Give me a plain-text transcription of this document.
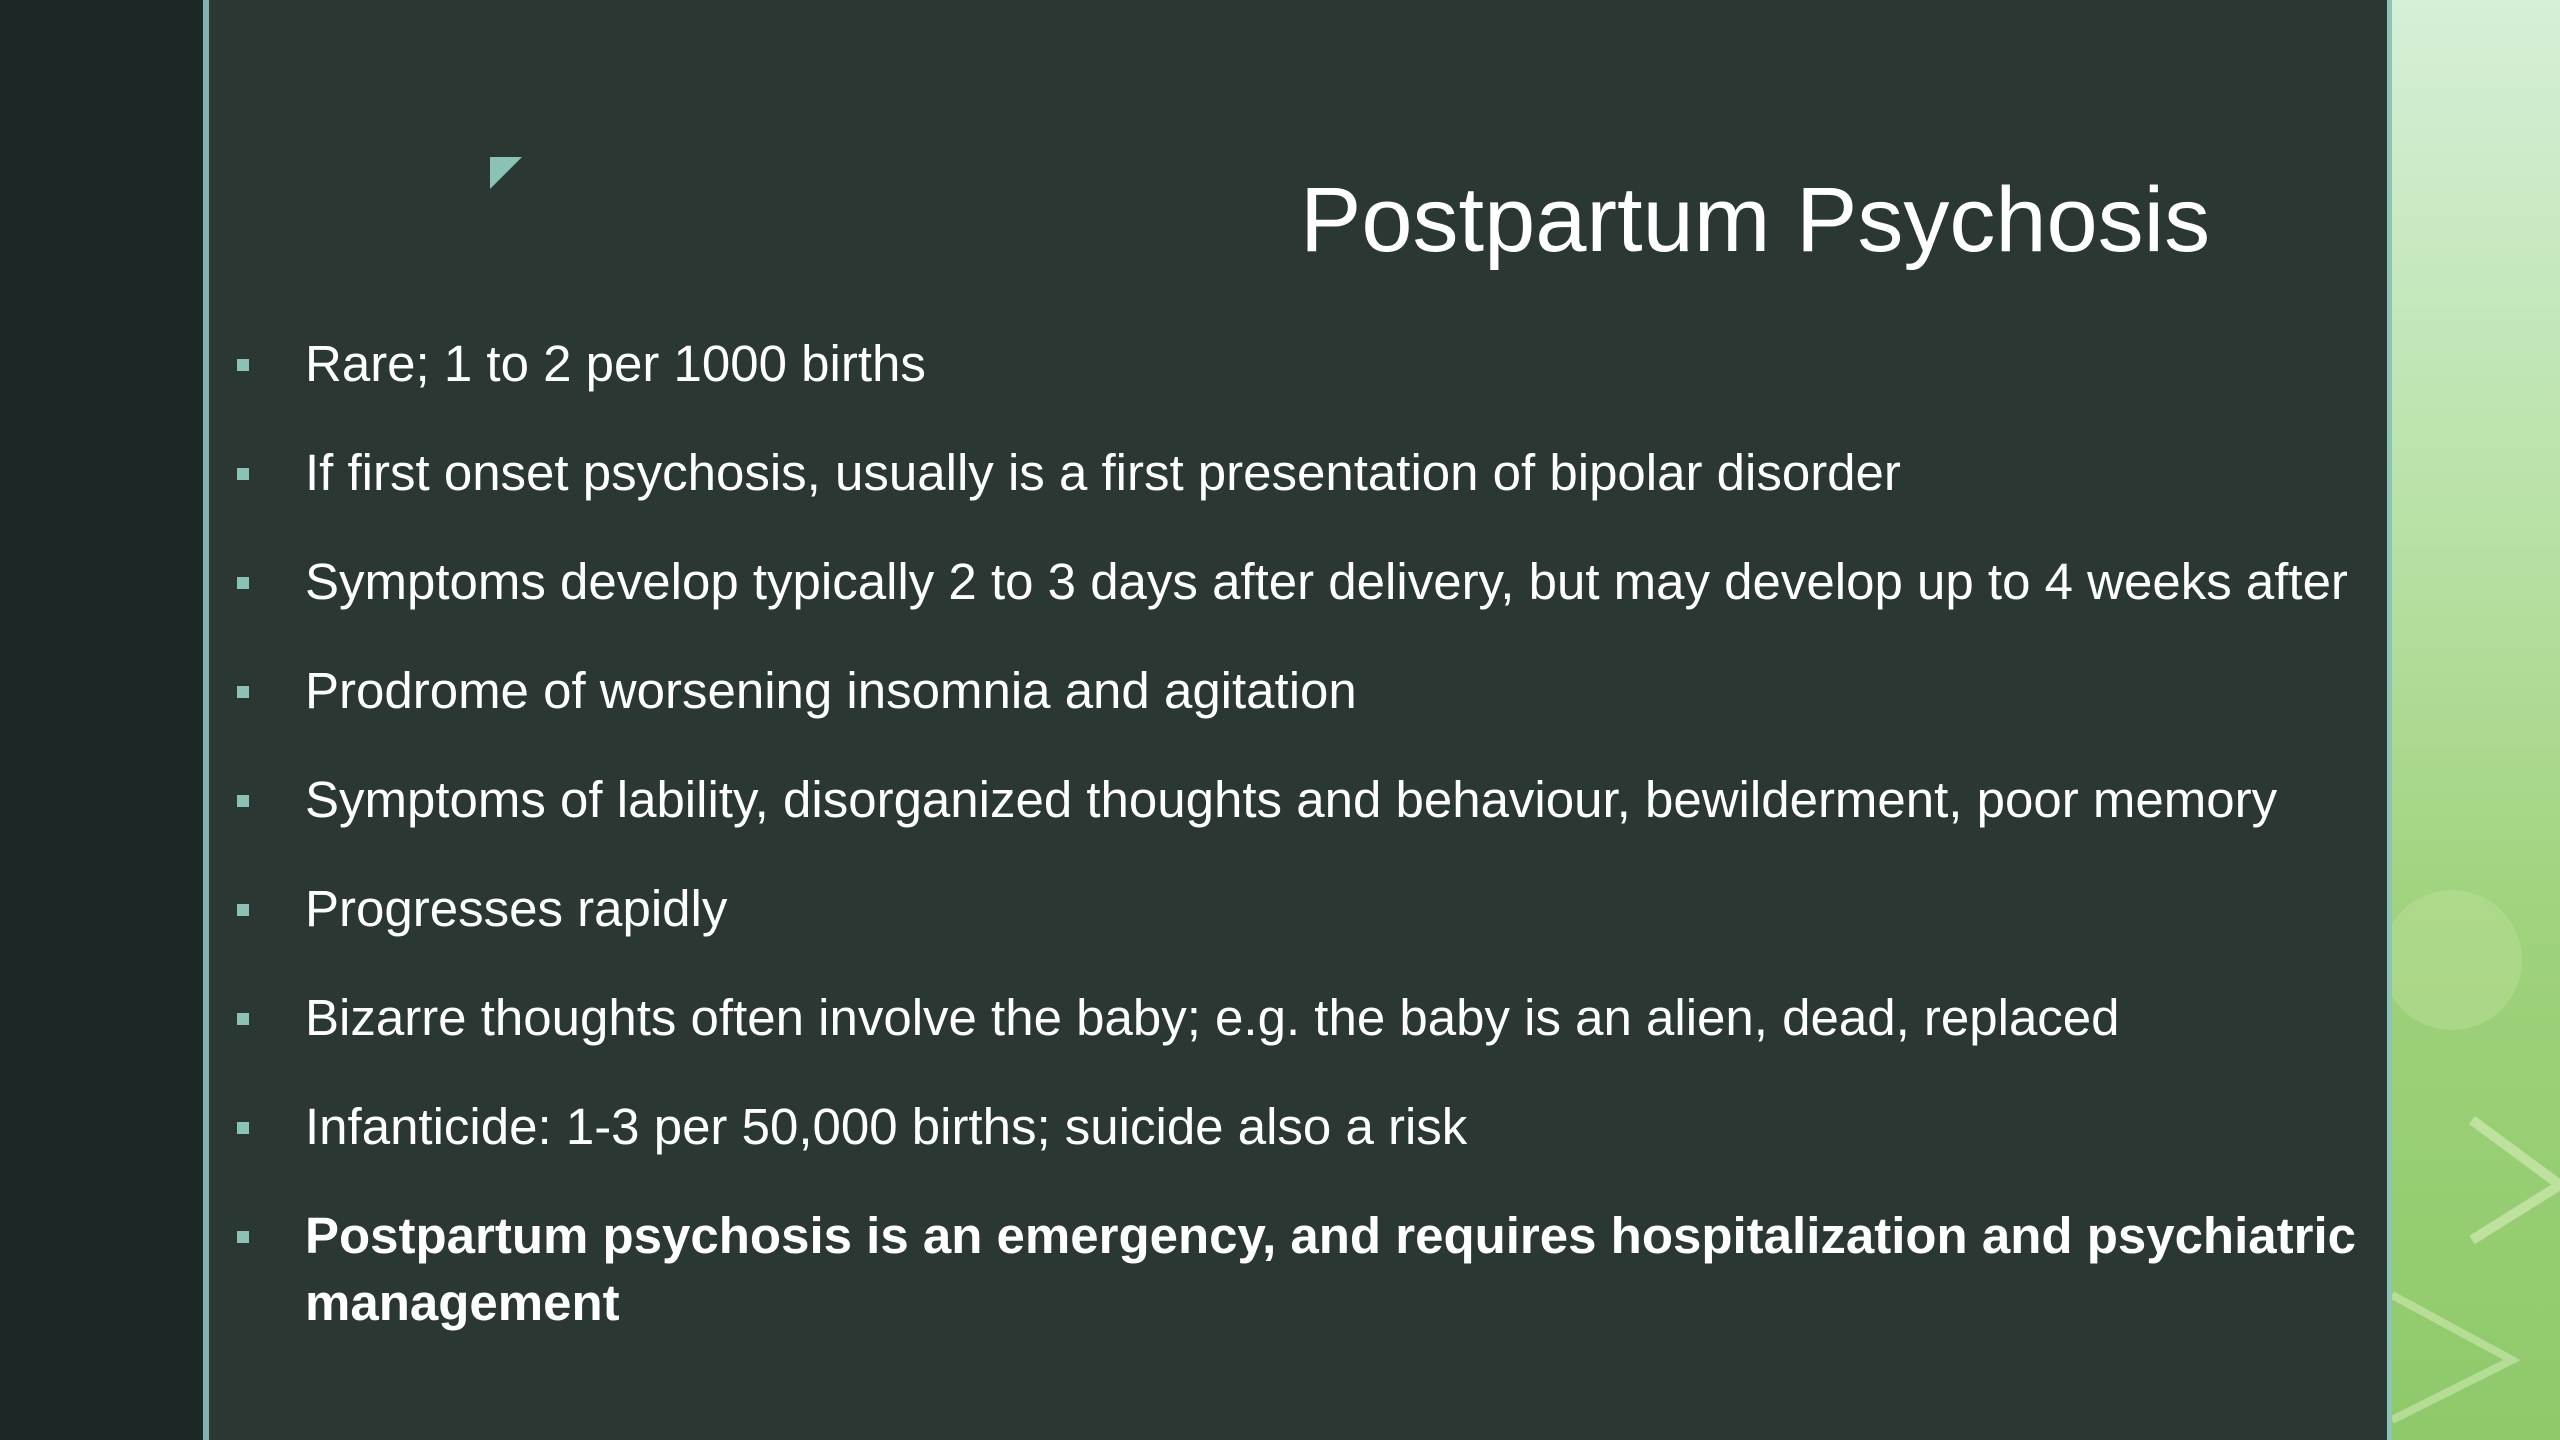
Postpartum Psychosis
Rare; 1 to 2 per 1000 births
If first onset psychosis, usually is a first presentation of bipolar disorder
Symptoms develop typically 2 to 3 days after delivery, but may develop up to 4 weeks after
Prodrome of worsening insomnia and agitation
Symptoms of lability, disorganized thoughts and behaviour, bewilderment, poor memory
Progresses rapidly
Bizarre thoughts often involve the baby; e.g. the baby is an alien, dead, replaced
Infanticide: 1-3 per 50,000 births; suicide also a risk
Postpartum psychosis is an emergency, and requires hospitalization and psychiatric management
